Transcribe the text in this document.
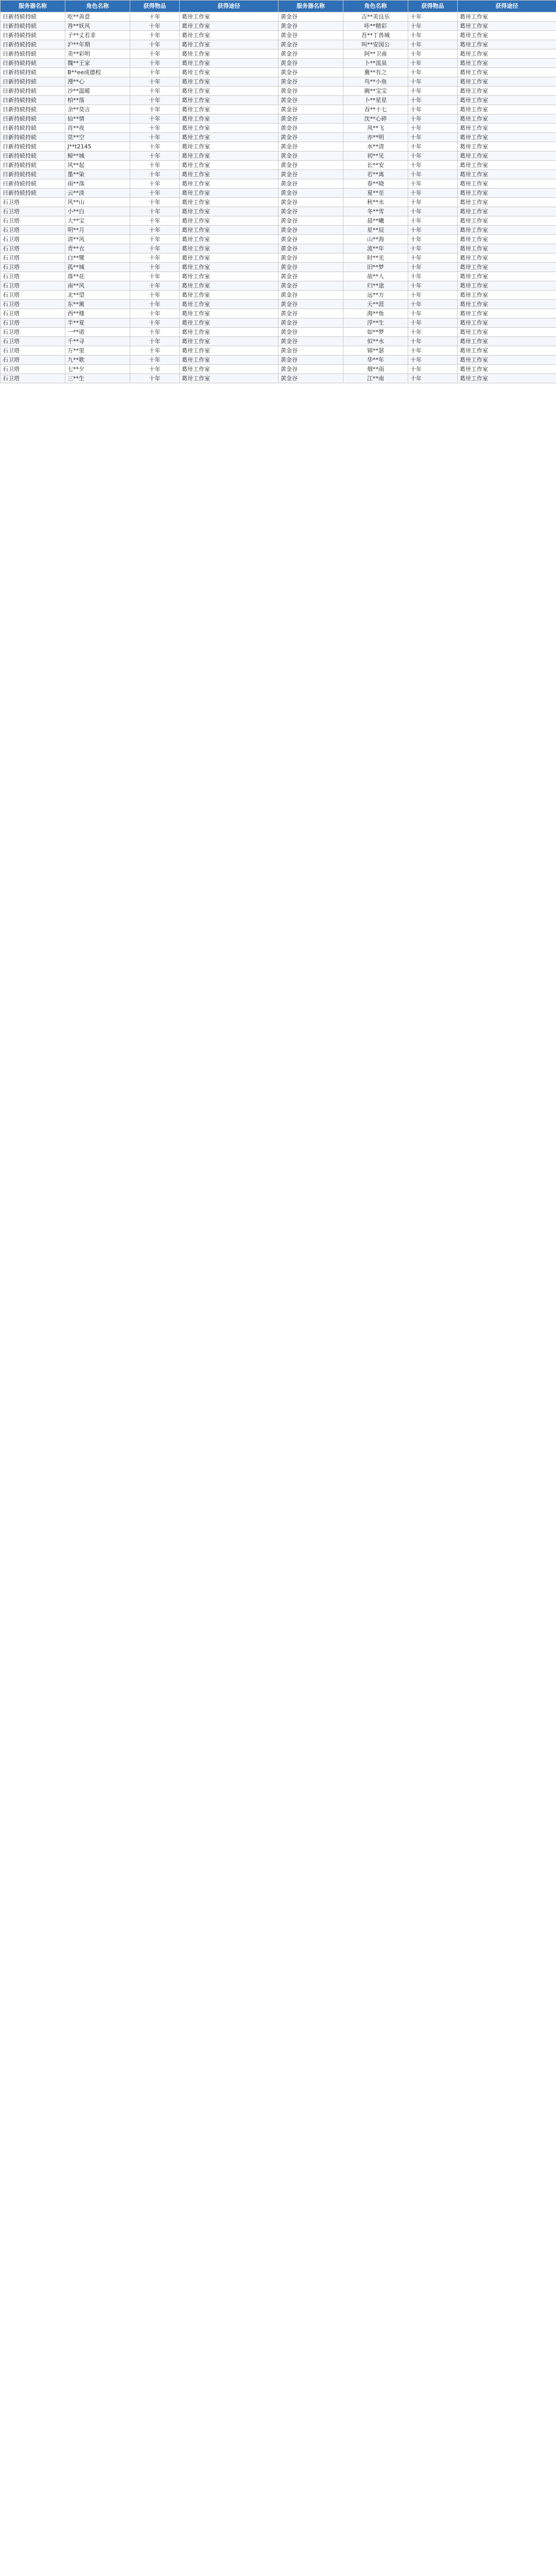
服务器名称	角色名称	获得物品	获得途径	服务器名称	角色名称	获得物品	获得途径
日新持続持続	吃**善意	十年	葛卅工作室	黄金谷	吉**美良乐	十年	葛卅工作室
日新持続持続	咎**妖风	十年	葛卅工作室	黄金谷	咔**精彩	十年	葛卅工作室
日新持続持続	子**丈若非	十年	葛卅工作室	黄金谷	吾**丁兽城	十年	葛卅工作室
日新持続持続	沪**年期	十年	葛卅工作室	黄金谷	叫**安国公	十年	葛卅工作室
日新持続持続	美**彩明	十年	葛卅工作室	黄金谷	阿**卫南	十年	葛卅工作室
日新持続持続	魏**王家	十年	葛卅工作室	黄金谷	卜**流泉	十年	葛卅工作室
日新持続持続	B**ee成德校	十年	葛卅工作室	黄金谷	冀**有之	十年	葛卅工作室
日新持続持続	漫**心	十年	葛卅工作室	黄金谷	鸟**小鱼	十年	葛卅工作室
日新持続持続	沙**温暖	十年	葛卅工作室	黄金谷	碗**宝宝	十年	葛卅工作室
日新持続持続	柏**落	十年	葛卅工作室	黄金谷	卜**星星	十年	葛卅工作室
日新持続持続	余**莫言	十年	葛卅工作室	黄金谷	吞**十七	十年	葛卅工作室
日新持続持続	仙**情	十年	葛卅工作室	黄金谷	沈**心碎	十年	葛卅工作室
日新持続持続	肖**夜	十年	葛卅工作室	黄金谷	风**飞	十年	葛卅工作室
日新持続持続	莫**空	十年	葛卅工作室	黄金谷	亦**明	十年	葛卅工作室
日新持続持続	J**t2145	十年	葛卅工作室	黄金谷	水**清	十年	葛卅工作室
日新持続持続	鲸**城	十年	葛卅工作室	黄金谷	初**见	十年	葛卅工作室
日新持続持続	风**起	十年	葛卅工作室	黄金谷	长**安	十年	葛卅工作室
日新持続持続	墨**染	十年	葛卅工作室	黄金谷	若**离	十年	葛卅工作室
日新持続持続	雨**落	十年	葛卅工作室	黄金谷	春**晓	十年	葛卅工作室
日新持続持続	云**淡	十年	葛卅工作室	黄金谷	夏**至	十年	葛卅工作室
石卫塔	风**山	十年	葛卅工作室	黄金谷	秋**水	十年	葛卅工作室
石卫塔	小**白	十年	葛卅工作室	黄金谷	冬**雪	十年	葛卅工作室
石卫塔	大**宝	十年	葛卅工作室	黄金谷	晨**曦	十年	葛卅工作室
石卫塔	明**月	十年	葛卅工作室	黄金谷	星**辰	十年	葛卅工作室
石卫塔	清**风	十年	葛卅工作室	黄金谷	山**海	十年	葛卅工作室
石卫塔	青**衣	十年	葛卅工作室	黄金谷	流**年	十年	葛卅工作室
石卫塔	白**鹭	十年	葛卅工作室	黄金谷	时**光	十年	葛卅工作室
石卫塔	孤**城	十年	葛卅工作室	黄金谷	旧**梦	十年	葛卅工作室
石卫塔	落**花	十年	葛卅工作室	黄金谷	故**人	十年	葛卅工作室
石卫塔	南**风	十年	葛卅工作室	黄金谷	归**途	十年	葛卅工作室
石卫塔	北**望	十年	葛卅工作室	黄金谷	远**方	十年	葛卅工作室
石卫塔	东**篱	十年	葛卅工作室	黄金谷	天**涯	十年	葛卅工作室
石卫塔	西**楼	十年	葛卅工作室	黄金谷	海**角	十年	葛卅工作室
石卫塔	半**夏	十年	葛卅工作室	黄金谷	浮**生	十年	葛卅工作室
石卫塔	一**诺	十年	葛卅工作室	黄金谷	如**梦	十年	葛卅工作室
石卫塔	千**寻	十年	葛卅工作室	黄金谷	似**水	十年	葛卅工作室
石卫塔	万**里	十年	葛卅工作室	黄金谷	锦**瑟	十年	葛卅工作室
石卫塔	九**歌	十年	葛卅工作室	黄金谷	华**年	十年	葛卅工作室
石卫塔	七**夕	十年	葛卅工作室	黄金谷	烟**雨	十年	葛卅工作室
石卫塔	三**生	十年	葛卅工作室	黄金谷	江**南	十年	葛卅工作室
